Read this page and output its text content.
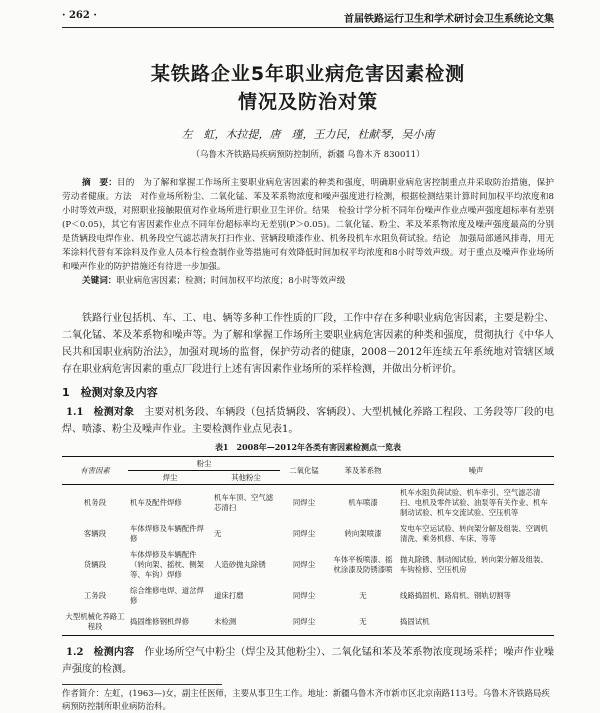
· 262 ·	首届铁路运行卫生和学术研讨会卫生系统论文集
某铁路企业5年职业病危害因素检测
情况及防治对策
左　虹，木拉提，唐　瑾，王力民，杜献琴，吴小南
（乌鲁木齐铁路局疾病预防控制所，新疆 乌鲁木齐 830011）
摘　要：目的　为了解和掌握工作场所主要职业病危害因素的种类和强度，明确职业病危害控制重点并采取防治措施，保护劳动者健康。方法　对作业场所粉尘、二氧化锰、苯及苯系物浓度和噪声强度进行检测，根据检测结果计算时间加权平均浓度和8小时等效声级，对照职业接触限值对作业场所进行职业卫生评价。结果　检验计学分析不同年份噪声作业点噪声强度超标率有差别(P＜0.05)，其它有害因素作业点不同年份超标率均无差别(P＞0.05)。二氧化锰、粉尘、苯及苯系物浓度及噪声强度最高的分别是货辆段电焊作业、机务段空气滤芯清灰打扫作业、营辆段喷漆作业、机务段机车水阻负荷试验。结论　加强局部通风排毒，用无苯涂料代替有苯涂料及作业人员本行检查制作业等措施可有效降低时间加权平均浓度和8小时等效声级。对于重点及噪声作业场所和噪声作业的防护措施还有待进一步加强。
关键词：职业病危害因素；检测；时间加权平均浓度；8小时等效声级
铁路行业包括机、车、工、电、辆等多种工作性质的厂段，工作中存在多种职业病危害因素，主要是粉尘、二氧化锰、苯及苯系物和噪声等。为了解和掌握工作场所主要职业病危害因素的种类和强度，贯彻执行《中华人民共和国职业病防治法》，加强对现场的监督，保护劳动者的健康，2008－2012年连续五年系统地对管辖区域存在职业病危害因素的重点厂段进行上述有害因素作业场所的采样检测，并做出分析评价。
1　检测对象及内容
1.1　检测对象　 主要对机务段、车辆段（包括货辆段、客辆段）、大型机械化养路工程段、工务段等厂段的电焊、喷漆、粉尘及噪声作业。主要检测作业点见表1。
表1　2008年—2012年各类有害因素检测点一览表
有害因素	粉尘		二氧化锰	苯及苯系物	噪声
	焊尘	其他粉尘			
机务段	机车及配件焊修	机车车顶、空气滤芯清扫	同焊尘	机车喷漆	机车水阻负荷试验、机车牵引、空气滤芯清扫、电机及零件试验、油泵等有关作业、机车制动试验、机车交流试验、空压机等
客辆段	车体焊修及车辆配件焊修	无	同焊尘	转向架喷漆	发电车空运试验、转向架分解及组装、空调机清洗、乘务机修、车床、等等
货辆段	车体焊修及车辆配件（转向架、摇枕、侧架等、车钩）焊修	人造砂抛丸除锈	同焊尘	车体平板喷漆、摇枕涂漆及防锈漆喷	抛丸除锈、制动阀试验、转向架分解及组装、车钩检修、空压机房
工务段	综合维修电焊、道岔焊修	道床打磨	同焊尘	无	线路捣固机、路肩机、钢轨切割等
大型机械化养路工程段	捣固维修钢机焊修	未检测	同焊尘	无	捣固试机
1.2　检测内容　 作业场所空气中粉尘（焊尘及其他粉尘）、二氧化锰和苯及苯系物浓度现场采样；噪声作业噪声强度的检测。
作者简介：左虹，(1963—)女，副主任医师，主要从事卫生工作。地址：新疆乌鲁木齐市新市区北京南路113号。乌鲁木齐铁路局疾病预防控制所职业病防治科。
